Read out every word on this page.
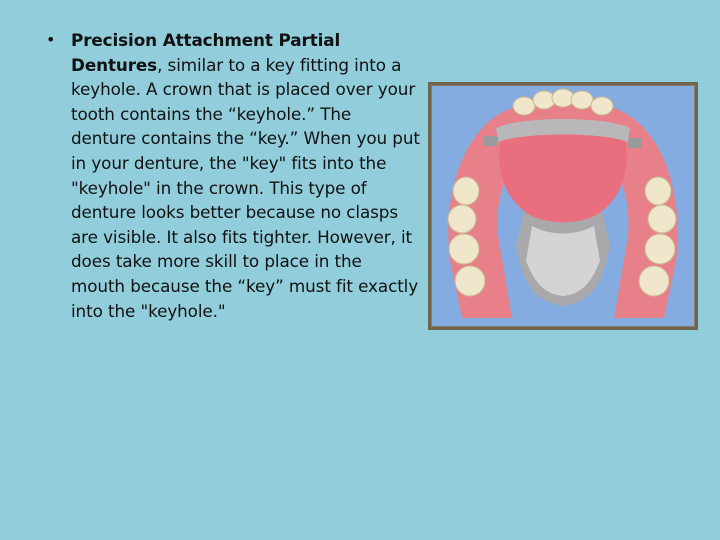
• Precision Attachment Partial Dentures, similar to a key fitting into a keyhole. A crown that is placed over your tooth contains the “keyhole.” The denture contains the “key.” When you put in your denture, the "key" fits into the "keyhole" in the crown. This type of denture looks better because no clasps are visible. It also fits tighter. However, it does take more skill to place in the mouth because the “key” must fit exactly into the "keyhole."
